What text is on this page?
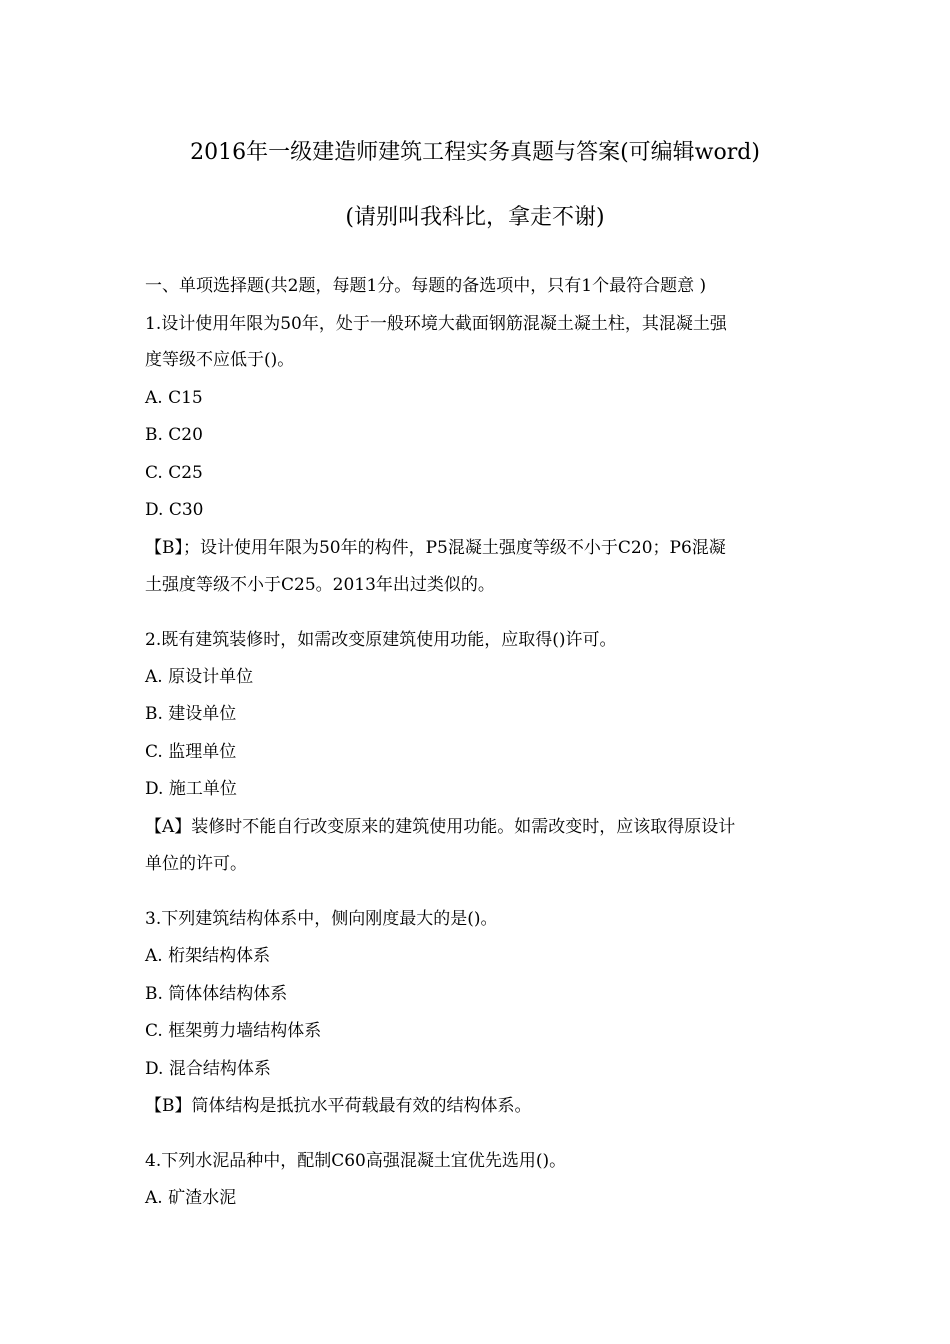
2016年一级建造师建筑工程实务真题与答案(可编辑word)
(请别叫我科比，拿走不谢)
一、单项选择题(共2题，每题1分。每题的备选项中，只有1个最符合题意 )
1.设计使用年限为50年，处于一般环境大截面钢筋混凝土凝土柱，其混凝土强
度等级不应低于()。
A. C15
B. C20
C. C25
D. C30
【B】；设计使用年限为50年的构件，P5混凝土强度等级不小于C20；P6混凝
土强度等级不小于C25。2013年出过类似的。
2.既有建筑装修时，如需改变原建筑使用功能，应取得()许可。
A. 原设计单位
B. 建设单位
C. 监理单位
D. 施工单位
【A】装修时不能自行改变原来的建筑使用功能。如需改变时，应该取得原设计
单位的许可。
3.下列建筑结构体系中，侧向刚度最大的是()。
A. 桁架结构体系
B. 筒体体结构体系
C. 框架剪力墙结构体系
D. 混合结构体系
【B】筒体结构是抵抗水平荷载最有效的结构体系。
4.下列水泥品种中，配制C60高强混凝土宜优先选用()。
A. 矿渣水泥
